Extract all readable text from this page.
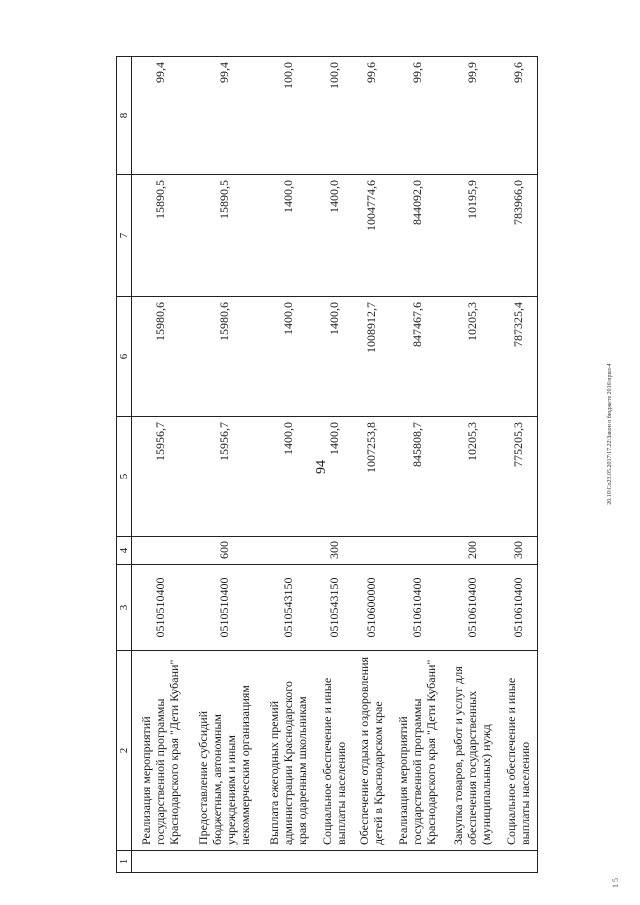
94	20.10\Со23.05.2017\17.22\Закон о бюджете 2016\прил-4
1 5
1	2	3	4	5	6	7	8
	Реализация мероприятий государственной программы Краснодарского края "Дети Кубани"	0510510400		15956,7	15980,6	15890,5	99,4
	Предоставление субсидий бюджетным, автономным учреждениям и иным некоммерческим организациям	0510510400	600	15956,7	15980,6	15890,5	99,4
	Выплата ежегодных премий администрации Краснодарского края одаренным школьникам	0510543150		1400,0	1400,0	1400,0	100,0
	Социальное обеспечение и иные выплаты населению	0510543150	300	1400,0	1400,0	1400,0	100,0
	Обеспечение отдыха и оздоровления детей в Краснодарском крае	0510600000		1007253,8	1008912,7	1004774,6	99,6
	Реализация мероприятий государственной программы Краснодарского края "Дети Кубани"	0510610400		845808,7	847467,6	844092,0	99,6
	Закупка товаров, работ и услуг для обеспечения государственных (муниципальных) нужд	0510610400	200	10205,3	10205,3	10195,9	99,9
	Социальное обеспечение и иные выплаты населению	0510610400	300	775205,3	787325,4	783966,0	99,6
